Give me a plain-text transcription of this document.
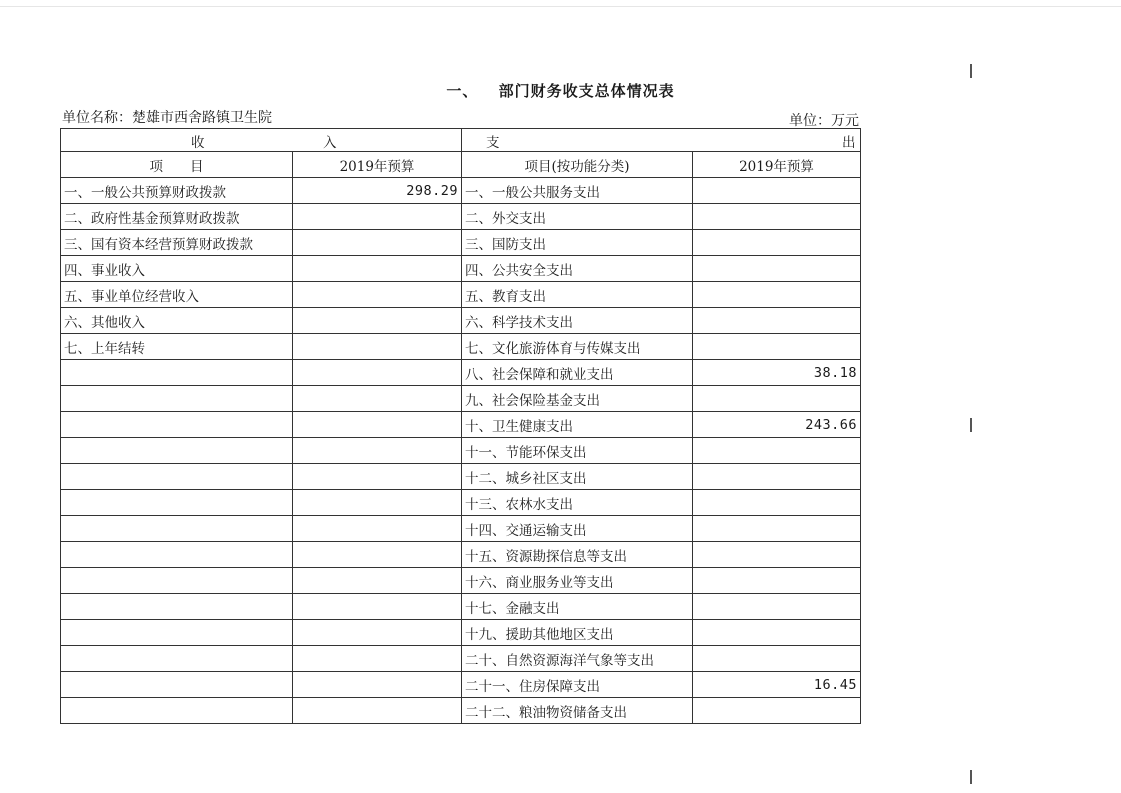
一、 部门财务收支总体情况表
单位名称：楚雄市西舍路镇卫生院	单位：万元
收 入		支 出	

项　　目	2019年预算	项目(按功能分类)	2019年预算
一、一般公共预算财政拨款	298.29	一、一般公共服务支出	
二、政府性基金预算财政拨款		二、外交支出	
三、国有资本经营预算财政拨款		三、国防支出	
四、事业收入		四、公共安全支出	
五、事业单位经营收入		五、教育支出	
六、其他收入		六、科学技术支出	
七、上年结转		七、文化旅游体育与传媒支出	
		八、社会保障和就业支出	38.18
		九、社会保险基金支出	
		十、卫生健康支出	243.66
		十一、节能环保支出	
		十二、城乡社区支出	
		十三、农林水支出	
		十四、交通运输支出	
		十五、资源勘探信息等支出	
		十六、商业服务业等支出	
		十七、金融支出	
		十九、援助其他地区支出	
		二十、自然资源海洋气象等支出	
		二十一、住房保障支出	16.45
		二十二、粮油物资储备支出	
